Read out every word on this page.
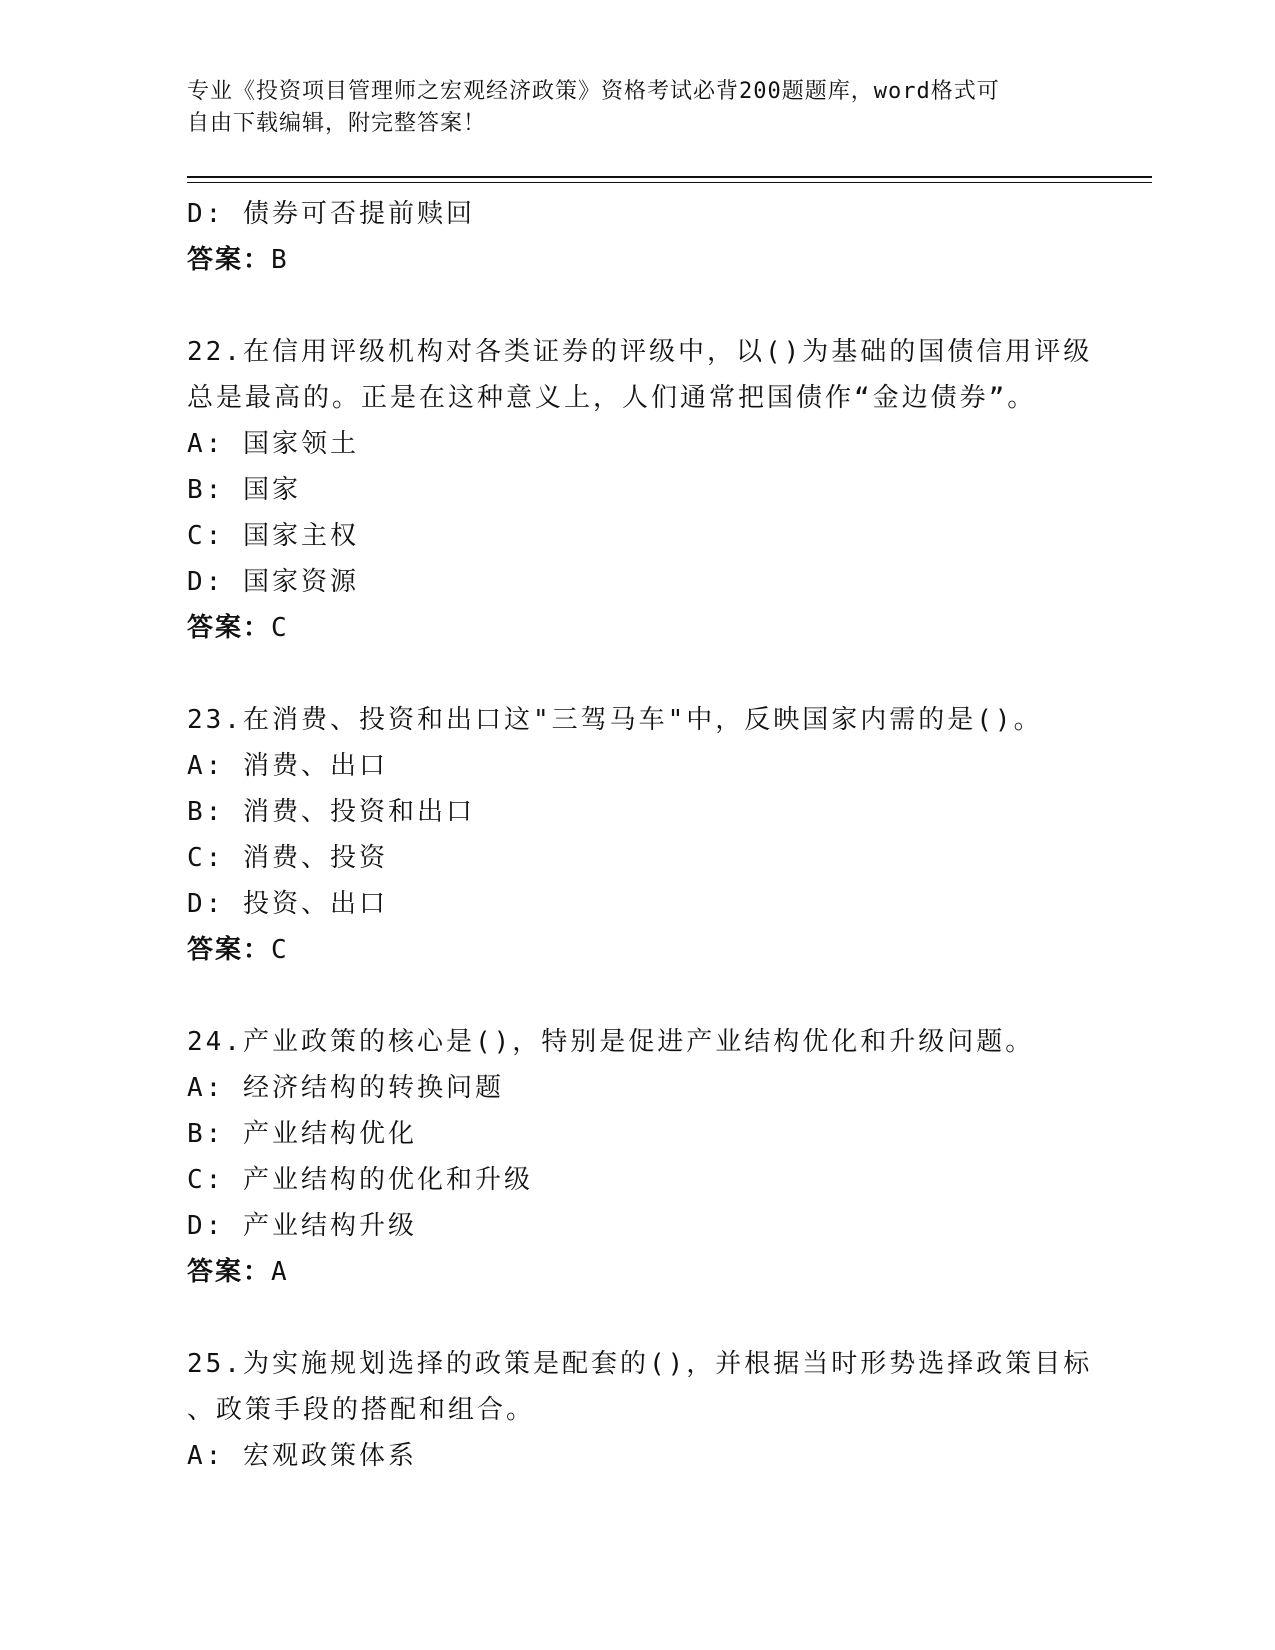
专业《投资项目管理师之宏观经济政策》资格考试必背200题题库，word格式可
自由下载编辑，附完整答案！
D: 债券可否提前赎回
答案：B
22.在信用评级机构对各类证券的评级中，以()为基础的国债信用评级
总是最高的。正是在这种意义上，人们通常把国债作“金边债券”。
A: 国家领土
B: 国家
C: 国家主权
D: 国家资源
答案：C
23.在消费、投资和出口这"三驾马车"中，反映国家内需的是()。
A: 消费、出口
B: 消费、投资和出口
C: 消费、投资
D: 投资、出口
答案：C
24.产业政策的核心是()，特别是促进产业结构优化和升级问题。
A: 经济结构的转换问题
B: 产业结构优化
C: 产业结构的优化和升级
D: 产业结构升级
答案：A
25.为实施规划选择的政策是配套的()，并根据当时形势选择政策目标
、政策手段的搭配和组合。
A: 宏观政策体系
